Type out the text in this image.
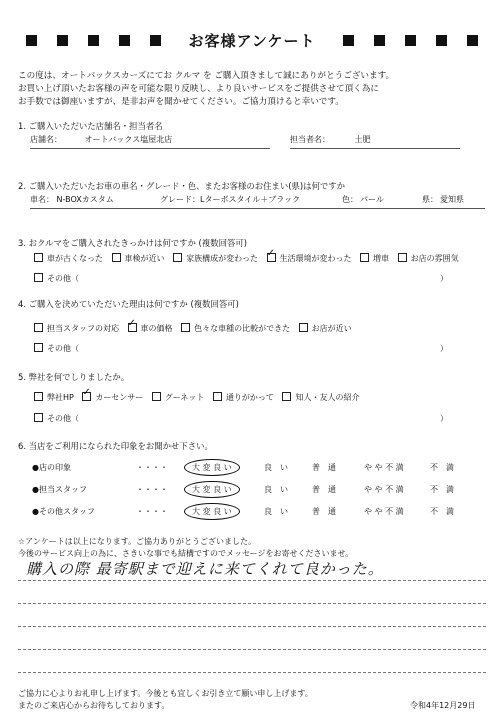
お客様アンケート
この度は、オートバックスカーズにてお クルマ を ご購入頂きまして誠にありがとうございます。
お買い上げ頂いたお客様の声を可能な限り反映し、より良いサービスをご提供させて頂く為に
お手数では御座いますが、是非お声を聞かせてください。ご協力頂けると幸いです。
1. ご購入いただいた店舗名・担当者名
店舗名：	オートバックス塩屋北店	担当者名：	土肥
2. ご購入いただいたお車の車名・グレード・色、またお客様のお住まい(県)は何ですか
車名： N-BOXカスタム	グレード： Lターボスタイル＋ブラック	色： パール	県： 愛知県
3. おクルマをご購入されたきっかけは何ですか (複数回答可)
車が古くなった	車検が近い	家族構成が変わった ✓	生活環境が変わった	増車	お店の雰囲気
その他（	）
4. ご購入を決めていただいた理由は何ですか (複数回答可)
担当スタッフの対応 ✓	車の価格	色々な車種の比較ができた	お店が近い
その他（	）
5. 弊社を何でしりましたか。
弊社HP ✓	カーセンサー	グーネット	通りがかって	知人・友人の紹介
その他（	）
6. 当店をご利用になられた印象をお聞かせ下さい。
●店の印象	・・・・	大 変 良 い	良　い	普　通	や や 不 満	不　満
●担当スタッフ	・・・・	大 変 良 い	良　い	普　通	や や 不 満	不　満
●その他スタッフ	・・・・	大 変 良 い	良　い	普　通	や や 不 満	不　満
☆アンケートは以上になります。ご協力ありがとうございました。
今後のサービス向上の為に、さきいな事でも結構ですのでメッセージをお寄せくださいませ。
購入の際 最寄駅まで迎えに来てくれて良かった。
ご協力に心よりお礼申し上げます。今後とも宜しくお引き立て願い申し上げます。
またのご来店心からお待ちしております。	令和4年12月29日
